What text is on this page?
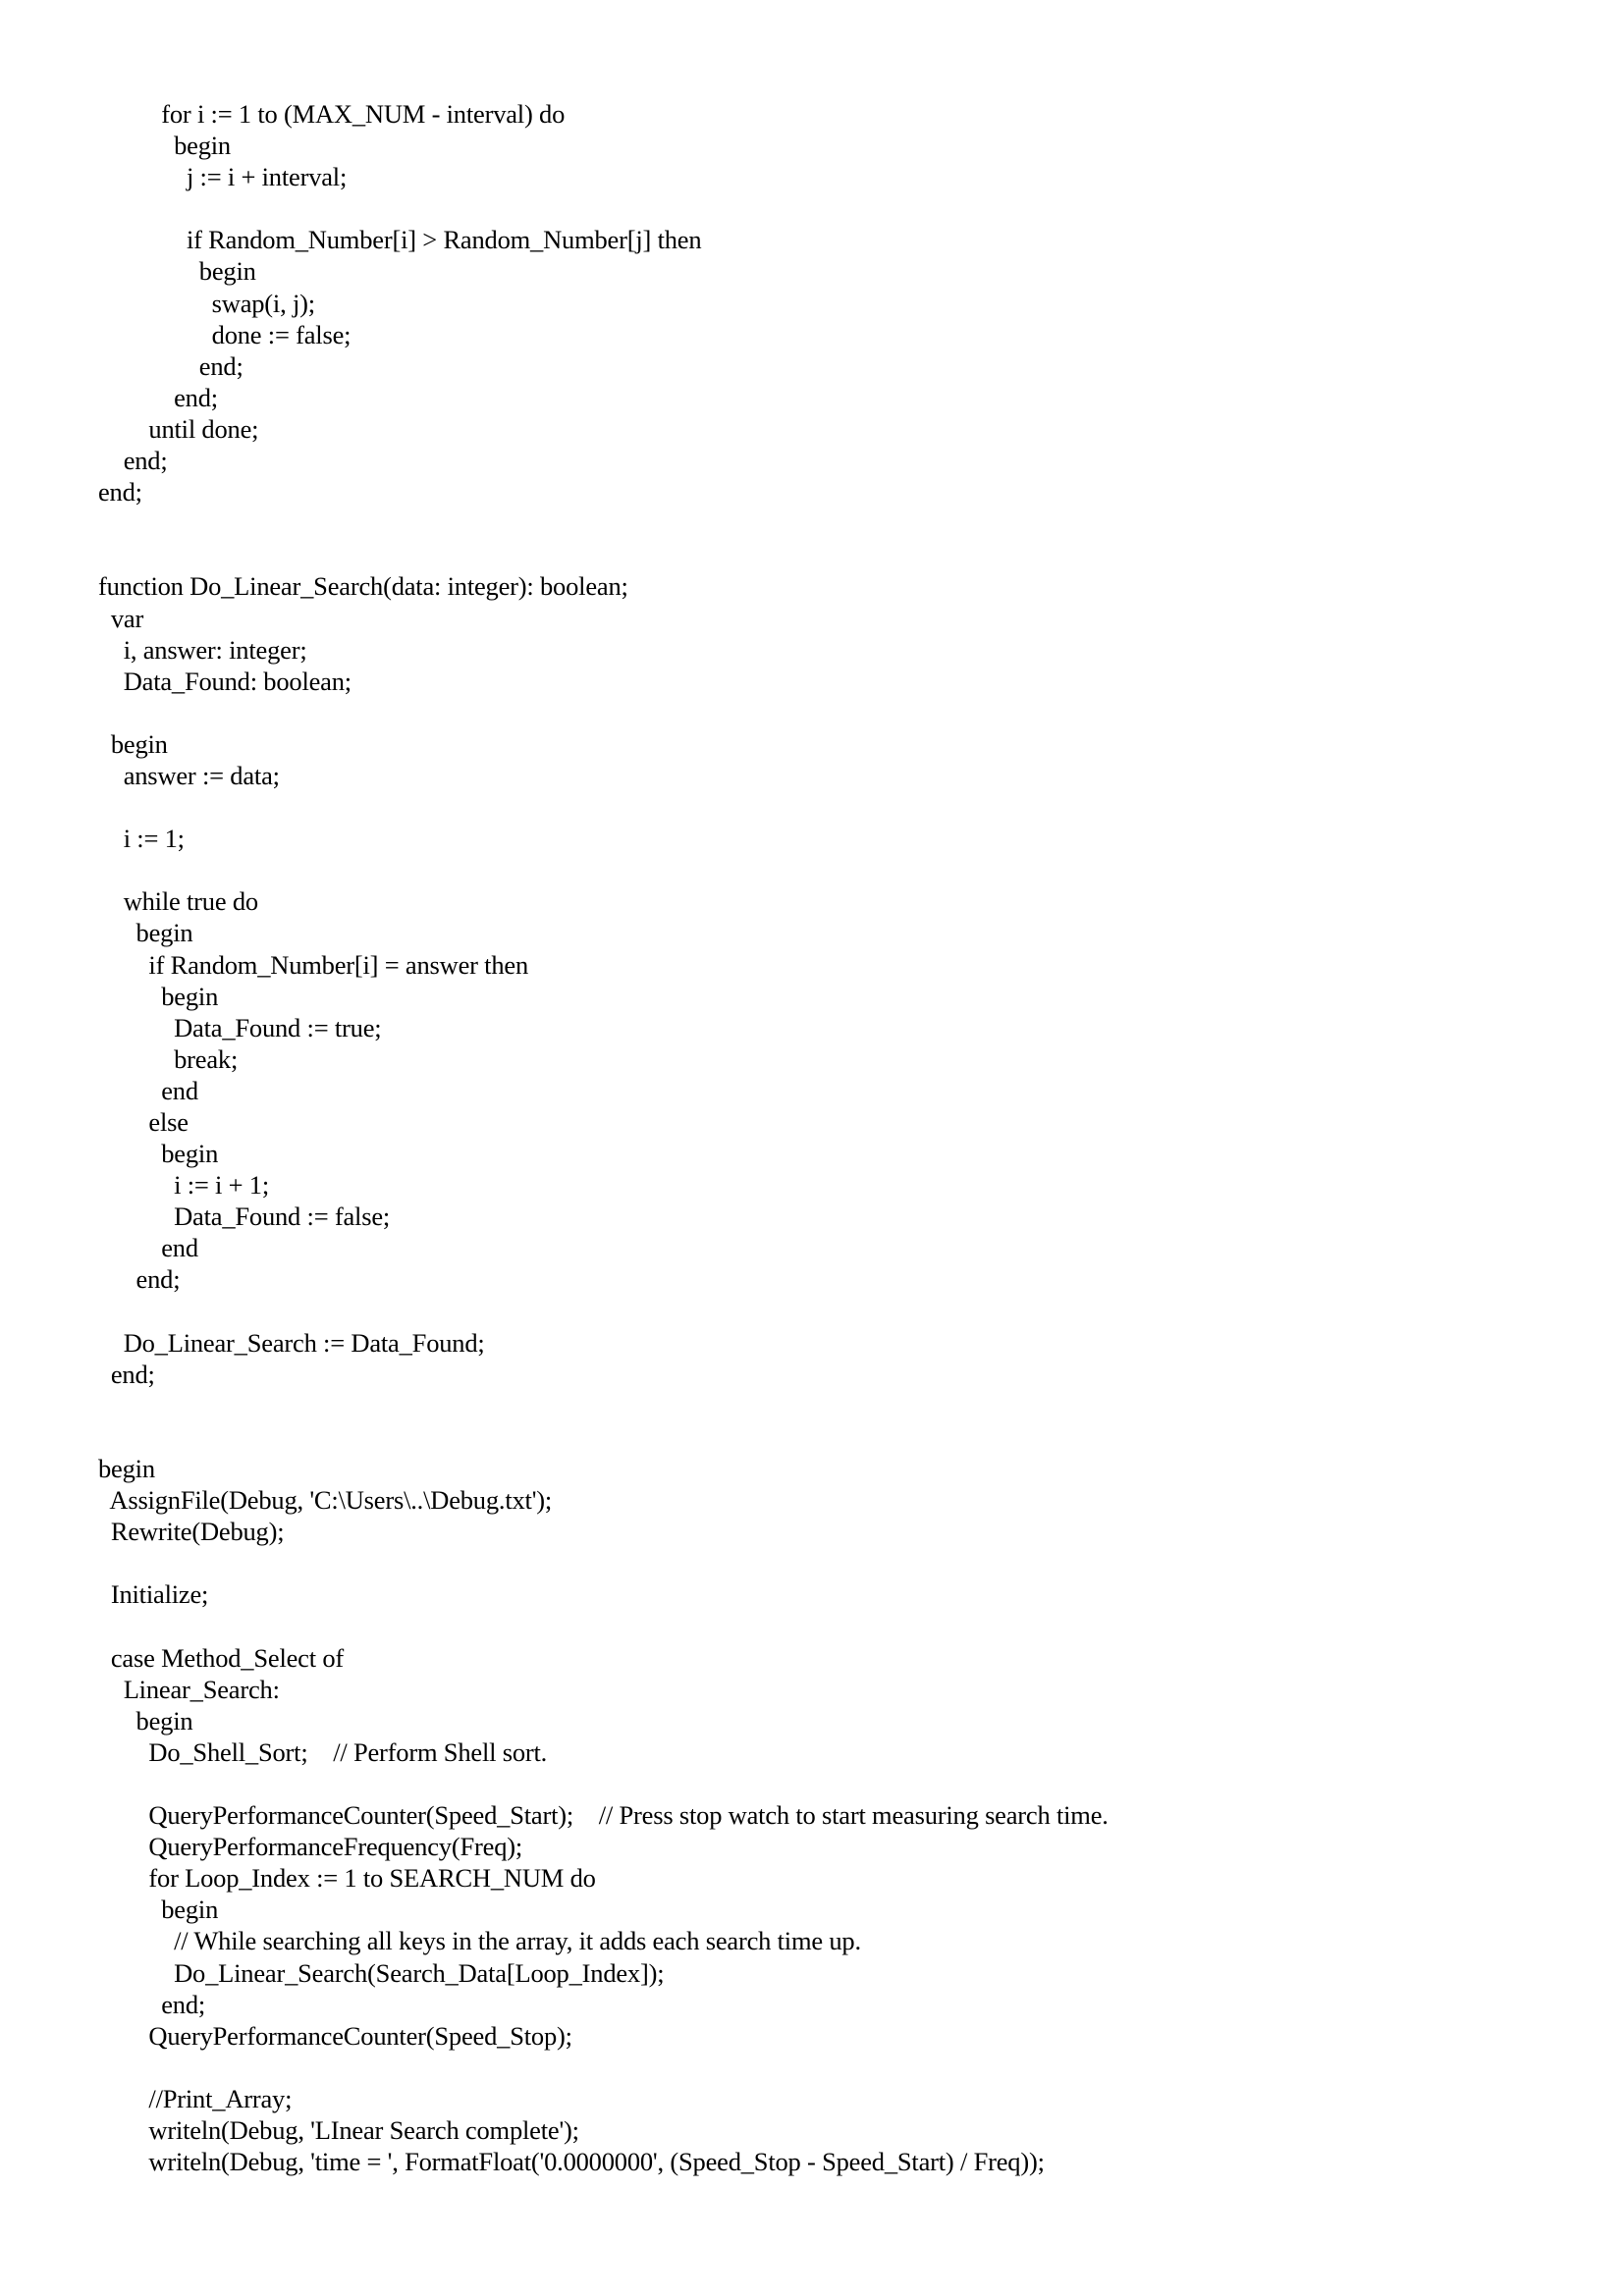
for i := 1 to (MAX_NUM - interval) do
begin
j := i + interval;
if Random_Number[i] > Random_Number[j] then
begin
swap(i, j);
done := false;
end;
end;
until done;
end;
end;
function Do_Linear_Search(data: integer): boolean;
var
i, answer: integer;
Data_Found: boolean;
begin
answer := data;
i := 1;
while true do
begin
if Random_Number[i] = answer then
begin
Data_Found := true;
break;
end
else
begin
i := i + 1;
Data_Found := false;
end
end;
Do_Linear_Search := Data_Found;
end;
begin
AssignFile(Debug, 'C:\Users\..\Debug.txt');
Rewrite(Debug);
Initialize;
case Method_Select of
Linear_Search:
begin
Do_Shell_Sort;    // Perform Shell sort.
QueryPerformanceCounter(Speed_Start);    // Press stop watch to start measuring search time.
QueryPerformanceFrequency(Freq);
for Loop_Index := 1 to SEARCH_NUM do
begin
// While searching all keys in the array, it adds each search time up.
Do_Linear_Search(Search_Data[Loop_Index]);
end;
QueryPerformanceCounter(Speed_Stop);
//Print_Array;
writeln(Debug, 'LInear Search complete');
writeln(Debug, 'time = ', FormatFloat('0.0000000', (Speed_Stop - Speed_Start) / Freq));
